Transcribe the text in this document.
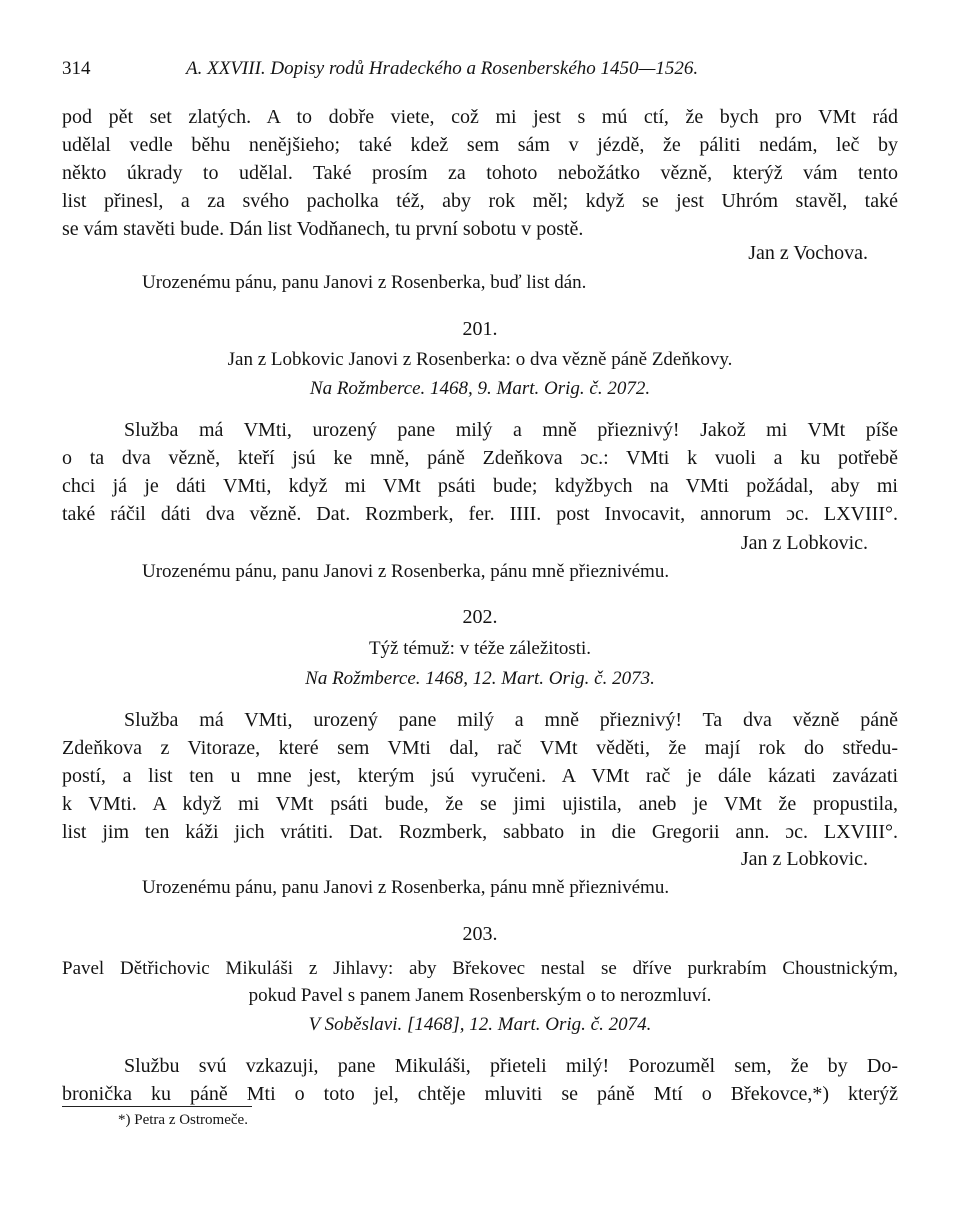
314	A. XXVIII. Dopisy rodů Hradeckého a Rosenberského 1450—1526.
pod pět set zlatých. A to dobře viete, což mi jest s mú ctí, že bych pro VMt rád
udělal vedle běhu nenějšieho; také kdež sem sám v jézdě, že páliti nedám, leč by
někto úkrady to udělal. Také prosím za tohoto nebožátko vězně, kterýž vám tento
list přinesl, a za svého pacholka též, aby rok měl; když se jest Uhróm stavěl, také
se vám stavěti bude. Dán list Vodňanech, tu první sobotu v postě.
Jan z Vochova.
Urozenému pánu, panu Janovi z Rosenberka, buď list dán.
201.
Jan z Lobkovic Janovi z Rosenberka: o dva vězně páně Zdeňkovy.
Na Rožmberce. 1468, 9. Mart. Orig. č. 2072.
Služba má VMti, urozený pane milý a mně přieznivý! Jakož mi VMt píše
o ta dva vězně, kteří jsú ke mně, páně Zdeňkova ɔc.: VMti k vuoli a ku potřebě
chci já je dáti VMti, když mi VMt psáti bude; kdyžbych na VMti požádal, aby mi
také ráčil dáti dva vězně. Dat. Rozmberk, fer. IIII. post Invocavit, annorum ɔc. LXVIII°.
Jan z Lobkovic.
Urozenému pánu, panu Janovi z Rosenberka, pánu mně přieznivému.
202.
Týž témuž: v téže záležitosti.
Na Rožmberce. 1468, 12. Mart. Orig. č. 2073.
Služba má VMti, urozený pane milý a mně přieznivý! Ta dva vězně páně
Zdeňkova z Vitoraze, které sem VMti dal, rač VMt věděti, že mají rok do středu-
postí, a list ten u mne jest, kterým jsú vyručeni. A VMt rač je dále kázati zavázati
k VMti. A když mi VMt psáti bude, že se jimi ujistila, aneb je VMt že propustila,
list jim ten káži jich vrátiti. Dat. Rozmberk, sabbato in die Gregorii ann. ɔc. LXVIII°.
Jan z Lobkovic.
Urozenému pánu, panu Janovi z Rosenberka, pánu mně přieznivému.
203.
Pavel Dětřichovic Mikuláši z Jihlavy: aby Břekovec nestal se dříve purkrabím Choustnickým,
pokud Pavel s panem Janem Rosenberským o to nerozmluví.
V Soběslavi. [1468], 12. Mart. Orig. č. 2074.
Službu svú vzkazuji, pane Mikuláši, přieteli milý! Porozuměl sem, že by Do-
bronička ku páně Mti o toto jel, chtěje mluviti se páně Mtí o Břekovce,*) kterýž
*) Petra z Ostromeče.
